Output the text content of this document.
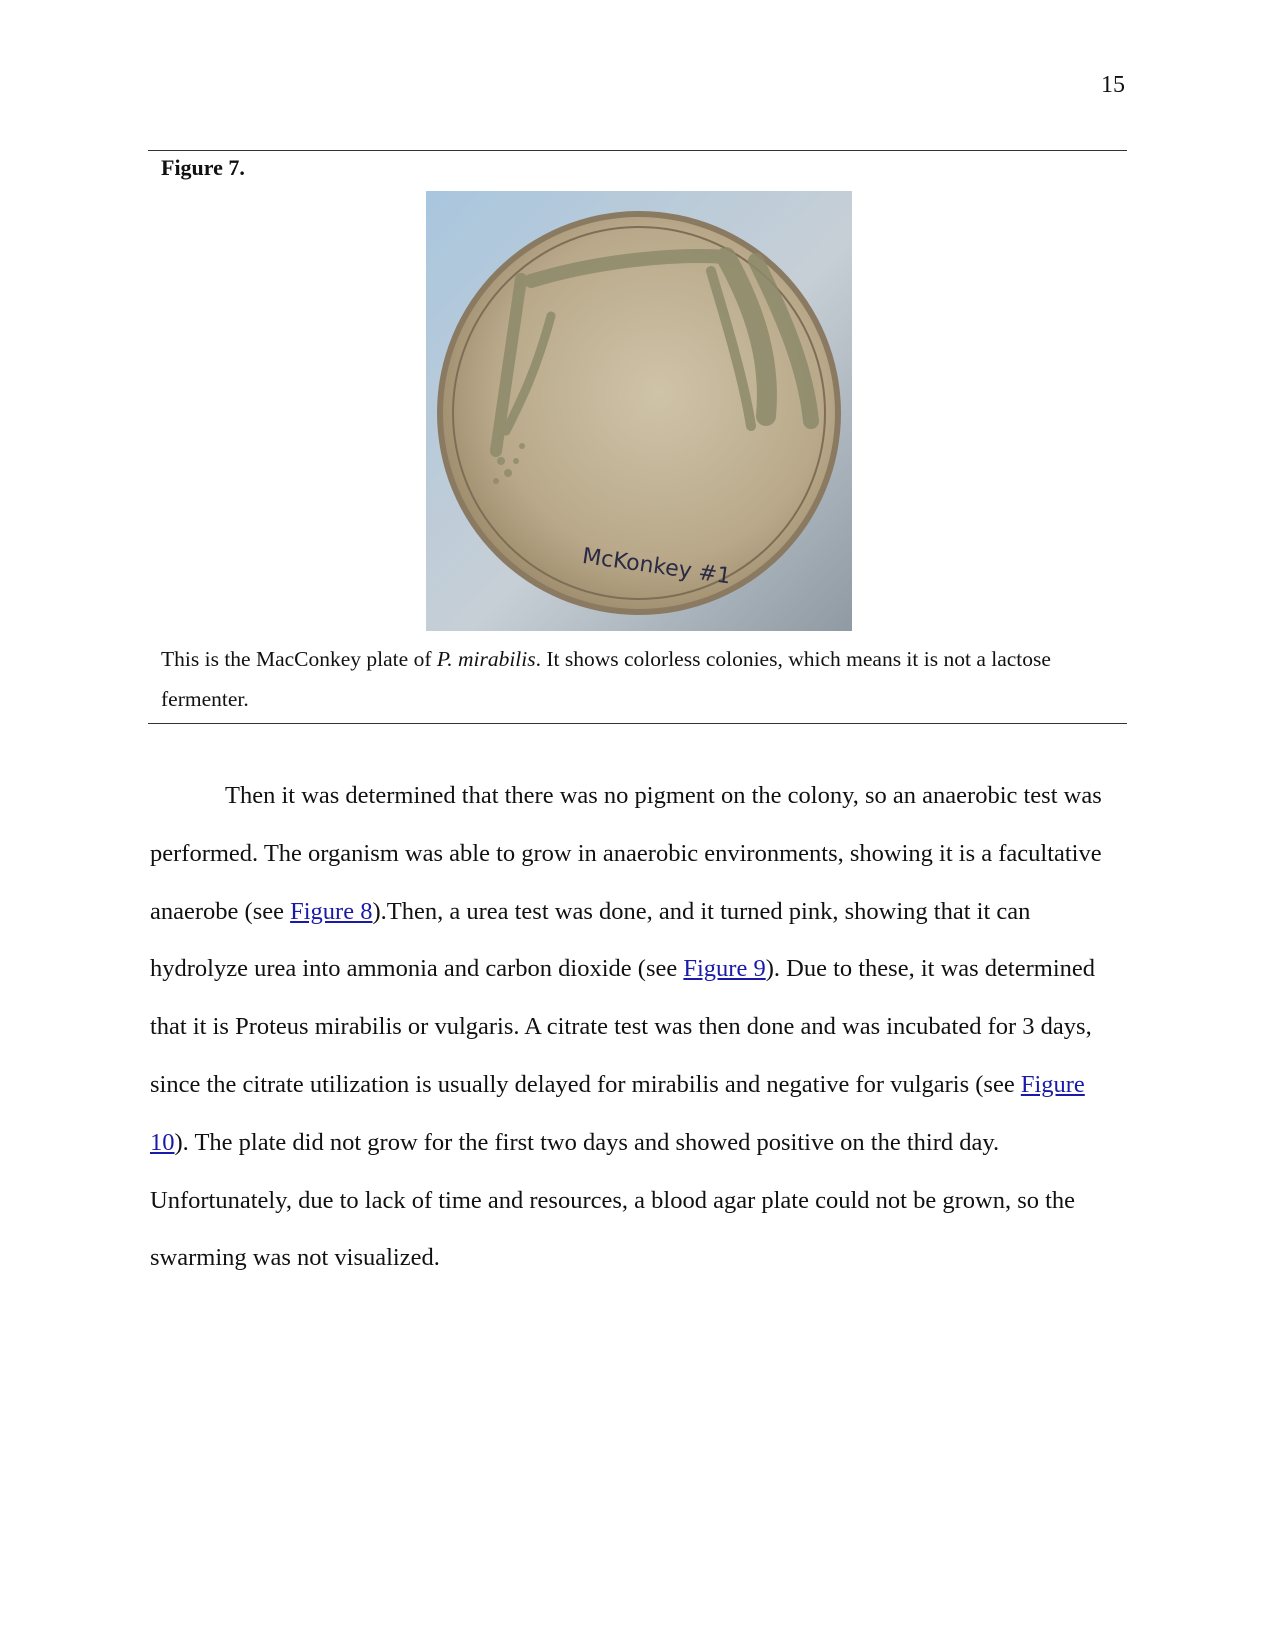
15
Figure 7.
McKonkey #1
This is the MacConkey plate of P. mirabilis. It shows colorless colonies, which means it is not a lactose fermenter.

Then it was determined that there was no pigment on the colony, so an anaerobic test was performed. The organism was able to grow in anaerobic environments, showing it is a facultative anaerobe (see Figure 8).Then, a urea test was done, and it turned pink, showing that it can hydrolyze urea into ammonia and carbon dioxide (see Figure 9). Due to these, it was determined that it is Proteus mirabilis or vulgaris. A citrate test was then done and was incubated for 3 days, since the citrate utilization is usually delayed for mirabilis and negative for vulgaris (see Figure 10). The plate did not grow for the first two days and showed positive on the third day. Unfortunately, due to lack of time and resources, a blood agar plate could not be grown, so the swarming was not visualized.
